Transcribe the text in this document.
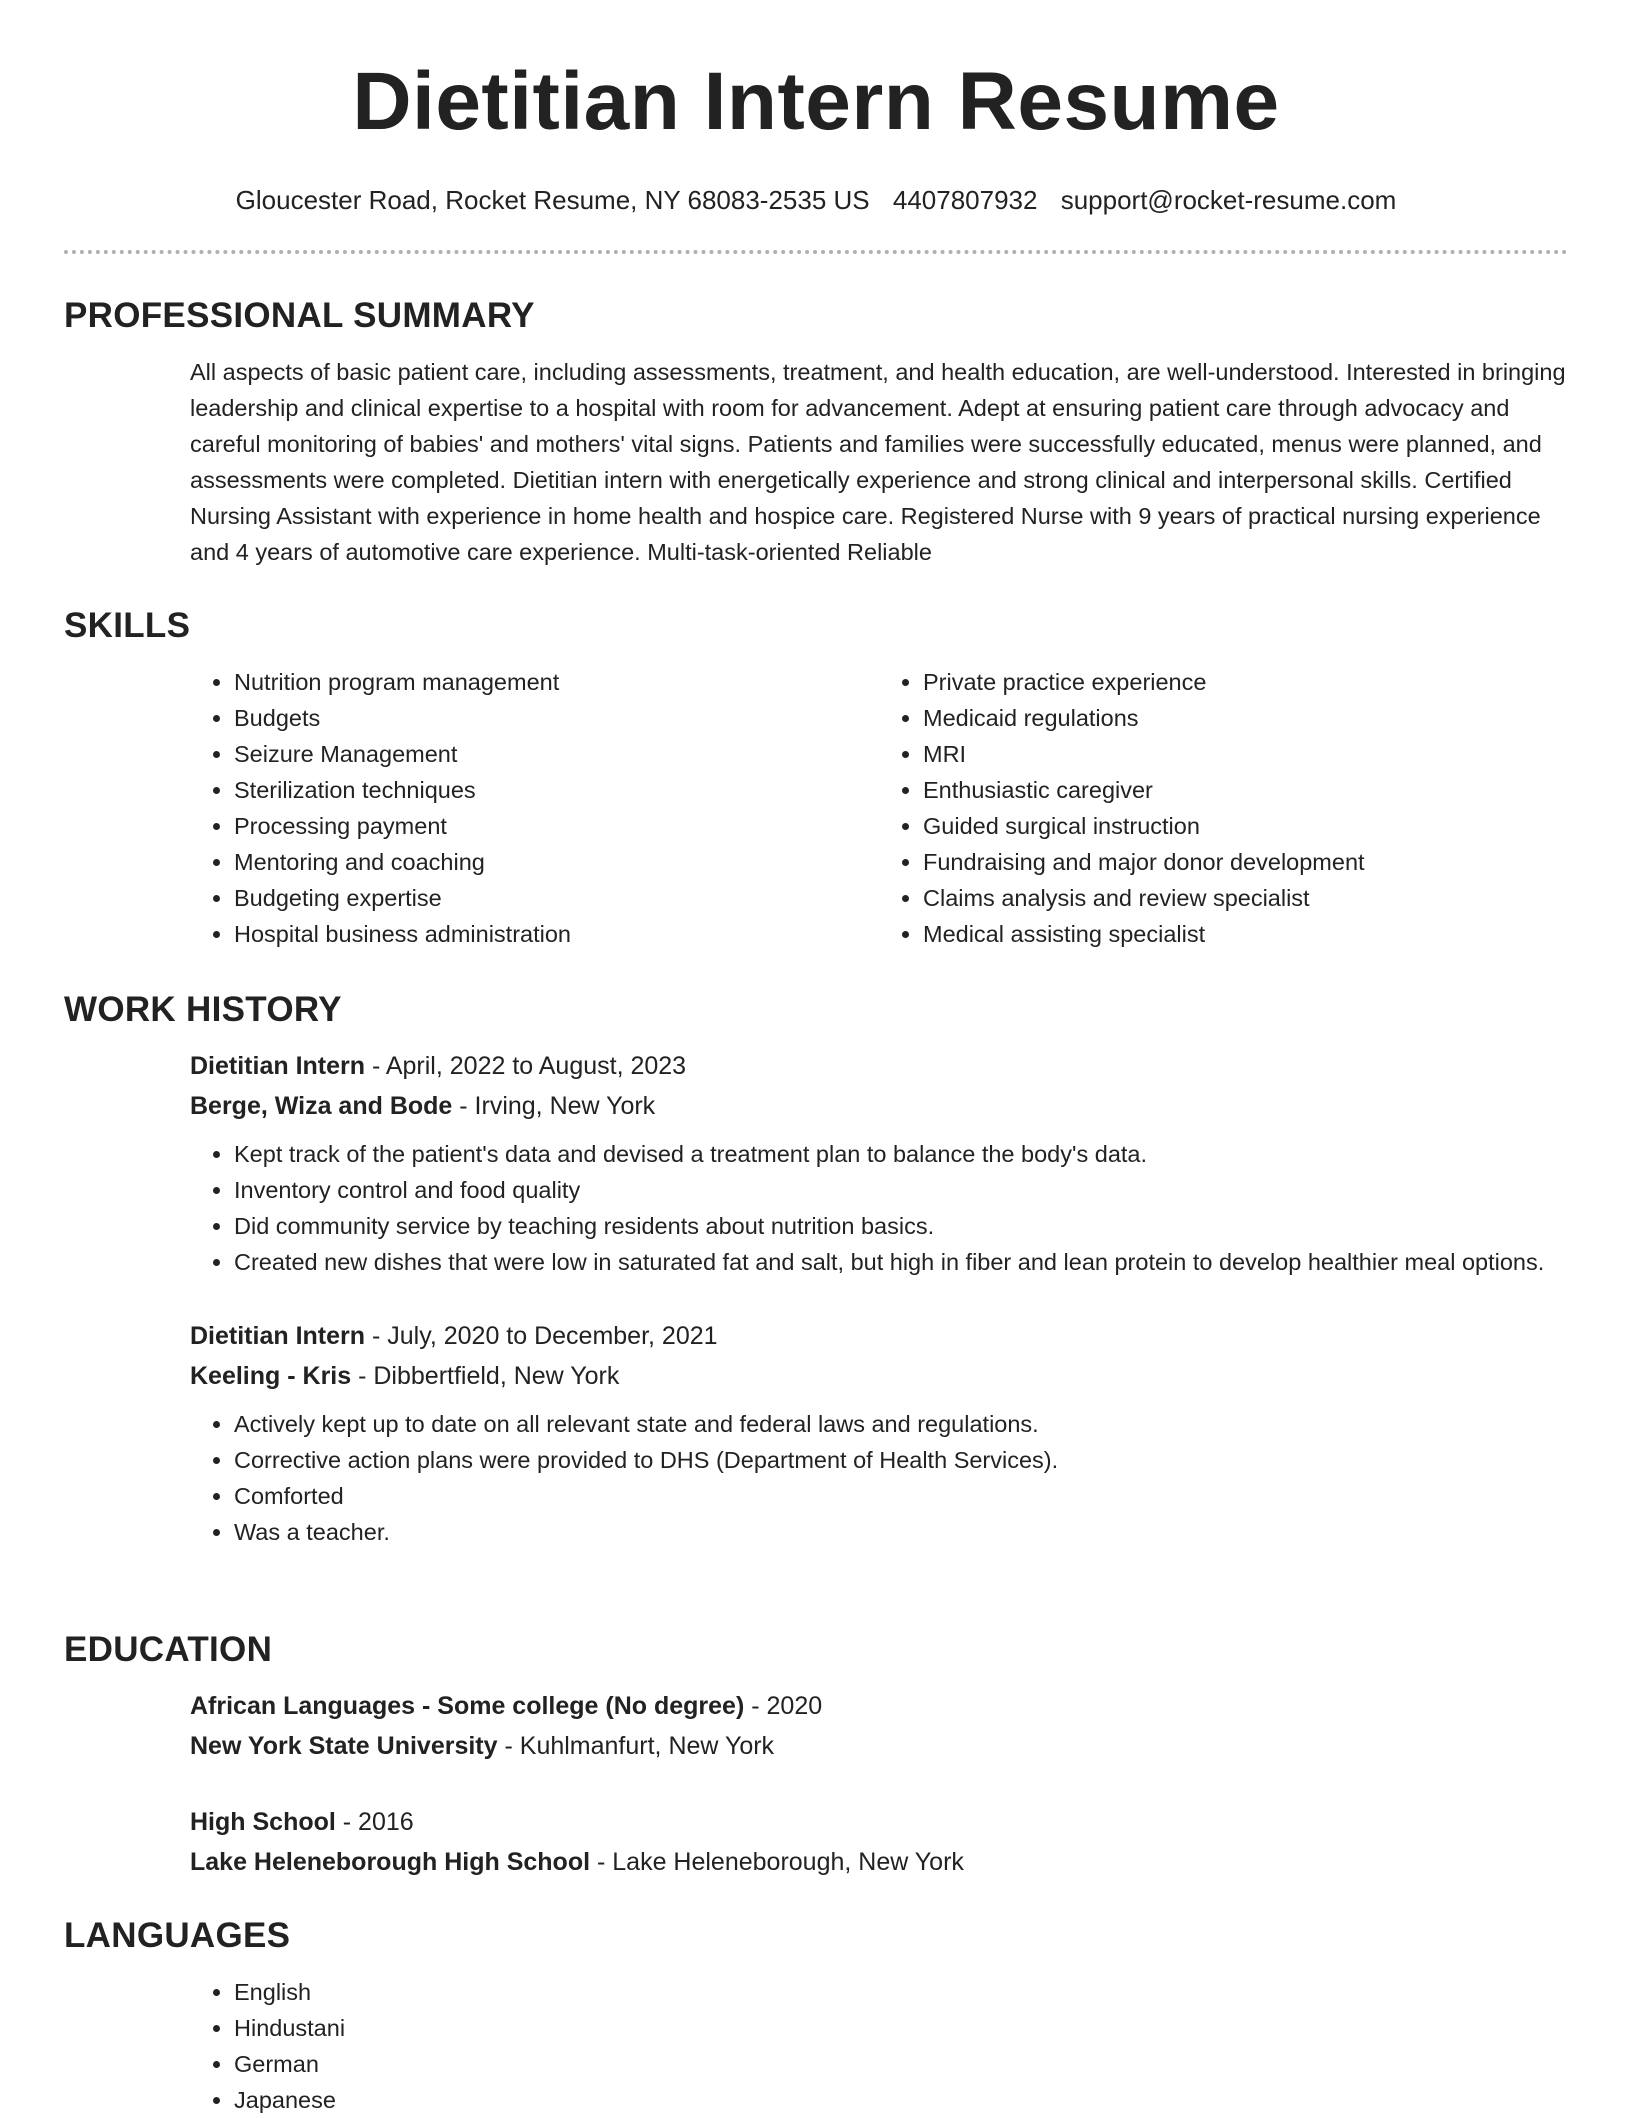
Dietitian Intern Resume
Gloucester Road, Rocket Resume, NY 68083-2535 US 4407807932 support@rocket-resume.com
PROFESSIONAL SUMMARY
All aspects of basic patient care, including assessments, treatment, and health education, are well-understood. Interested in bringing leadership and clinical expertise to a hospital with room for advancement. Adept at ensuring patient care through advocacy and careful monitoring of babies' and mothers' vital signs. Patients and families were successfully educated, menus were planned, and assessments were completed. Dietitian intern with energetically experience and strong clinical and interpersonal skills. Certified Nursing Assistant with experience in home health and hospice care. Registered Nurse with 9 years of practical nursing experience and 4 years of automotive care experience. Multi-task-oriented Reliable
SKILLS
• Nutrition program management
• Budgets
• Seizure Management
• Sterilization techniques
• Processing payment
• Mentoring and coaching
• Budgeting expertise
• Hospital business administration
• Private practice experience
• Medicaid regulations
• MRI
• Enthusiastic caregiver
• Guided surgical instruction
• Fundraising and major donor development
• Claims analysis and review specialist
• Medical assisting specialist
WORK HISTORY
Dietitian Intern - April, 2022 to August, 2023
Berge, Wiza and Bode - Irving, New York
• Kept track of the patient's data and devised a treatment plan to balance the body's data.
• Inventory control and food quality
• Did community service by teaching residents about nutrition basics.
• Created new dishes that were low in saturated fat and salt, but high in fiber and lean protein to develop healthier meal options.
Dietitian Intern - July, 2020 to December, 2021
Keeling - Kris - Dibbertfield, New York
• Actively kept up to date on all relevant state and federal laws and regulations.
• Corrective action plans were provided to DHS (Department of Health Services).
• Comforted
• Was a teacher.
EDUCATION
African Languages - Some college (No degree) - 2020
New York State University - Kuhlmanfurt, New York
High School - 2016
Lake Heleneborough High School - Lake Heleneborough, New York
LANGUAGES
• English
• Hindustani
• German
• Japanese
